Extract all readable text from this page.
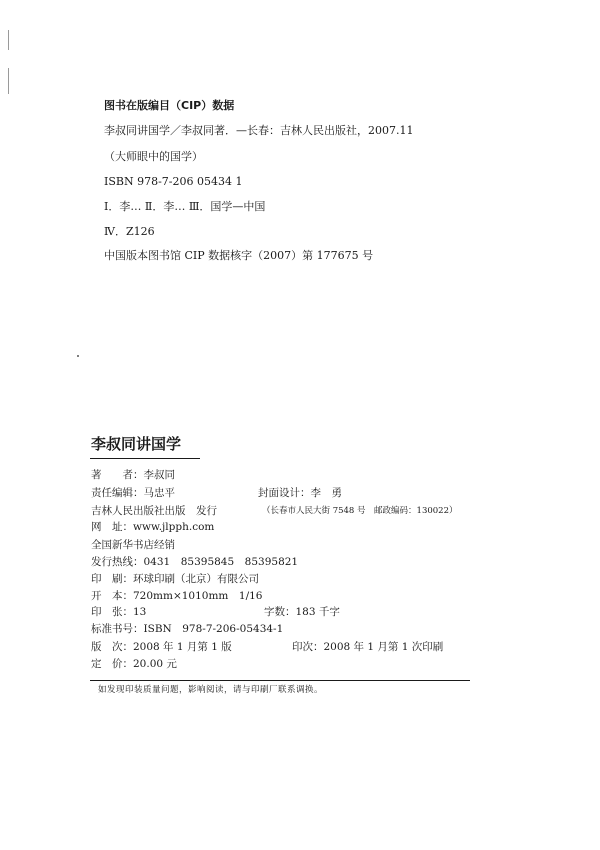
图书在版编目（CIP）数据
李叔同讲国学／李叔同著．—长春：吉林人民出版社，2007.11
（大师眼中的国学）
ISBN 978-7-206 05434 1
Ⅰ．李… Ⅱ．李… Ⅲ．国学—中国
Ⅳ．Z126
中国版本图书馆 CIP 数据核字（2007）第 177675 号
李叔同讲国学
著　　者：李叔同
责任编辑：马忠平	封面设计：李　勇
吉林人民出版社出版　发行	（长春市人民大街 7548 号　邮政编码：130022）
网　址：www.jlpph.com
全国新华书店经销
发行热线：0431　85395845　85395821
印　刷：环球印刷（北京）有限公司
开　本：720mm×1010mm　1/16
印　张：13	字数：183 千字
标准书号：ISBN　978-7-206-05434-1
版　次：2008 年 1 月第 1 版	印次：2008 年 1 月第 1 次印刷
定　价：20.00 元
如发现印装质量问题，影响阅读，请与印刷厂联系调换。
